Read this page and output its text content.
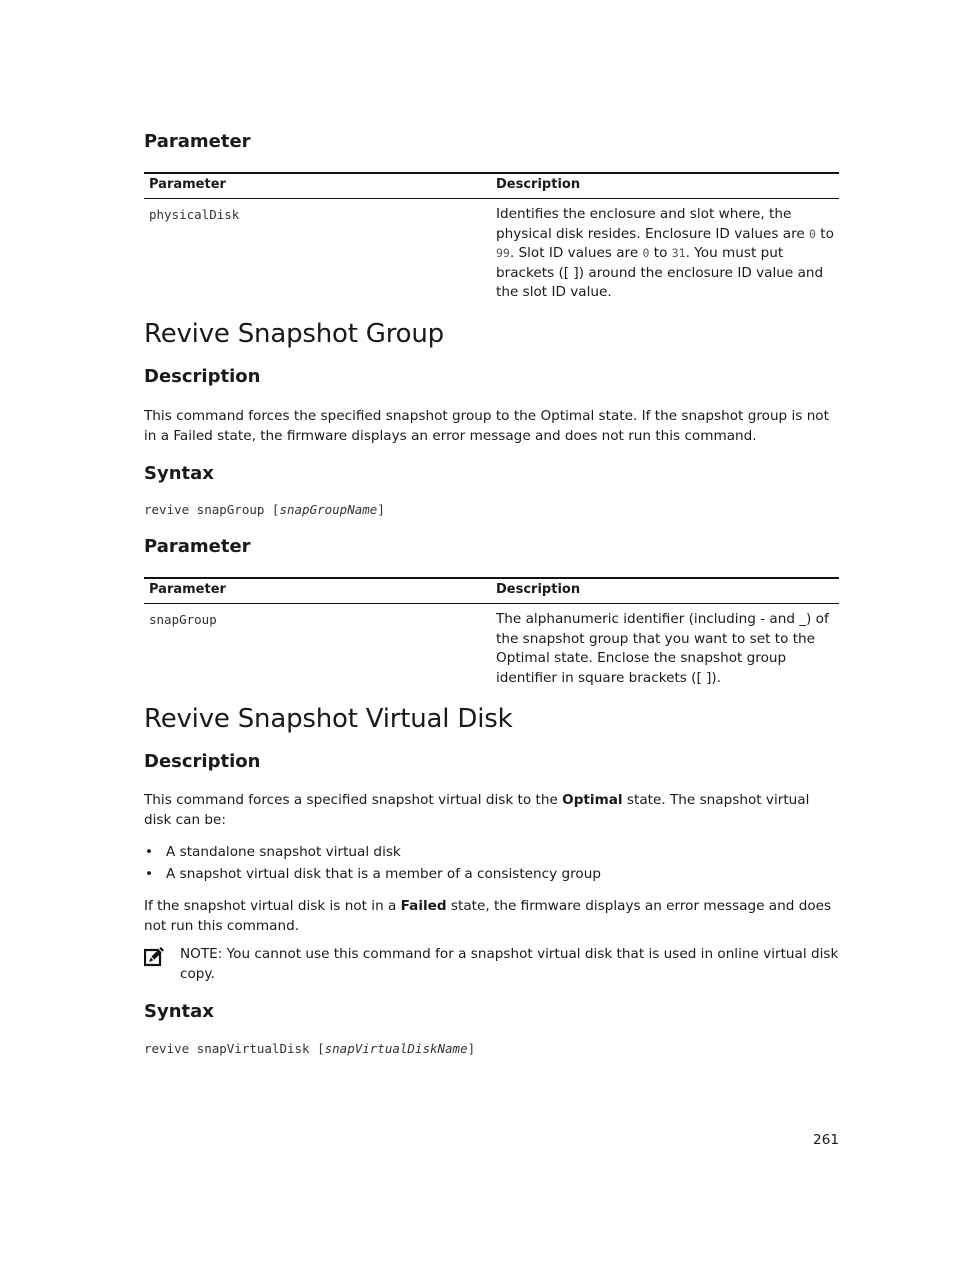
Parameter
Parameter	Description
physicalDisk	Identifies the enclosure and slot where, the physical disk resides. Enclosure ID values are 0 to 99. Slot ID values are 0 to 31. You must put brackets ([ ]) around the enclosure ID value and the slot ID value.
Revive Snapshot Group
Description

This command forces the specified snapshot group to the Optimal state. If the snapshot group is not in a Failed state, the firmware displays an error message and does not run this command.

Syntax
revive snapGroup [snapGroupName]
Parameter
Parameter	Description
snapGroup	The alphanumeric identifier (including - and _) of the snapshot group that you want to set to the Optimal state. Enclose the snapshot group identifier in square brackets ([ ]).
Revive Snapshot Virtual Disk
Description

This command forces a specified snapshot virtual disk to the Optimal state. The snapshot virtual disk can be:

• A standalone snapshot virtual disk
• A snapshot virtual disk that is a member of a consistency group

If the snapshot virtual disk is not in a Failed state, the firmware displays an error message and does not run this command.

NOTE: You cannot use this command for a snapshot virtual disk that is used in online virtual disk copy.
Syntax
revive snapVirtualDisk [snapVirtualDiskName]
261
